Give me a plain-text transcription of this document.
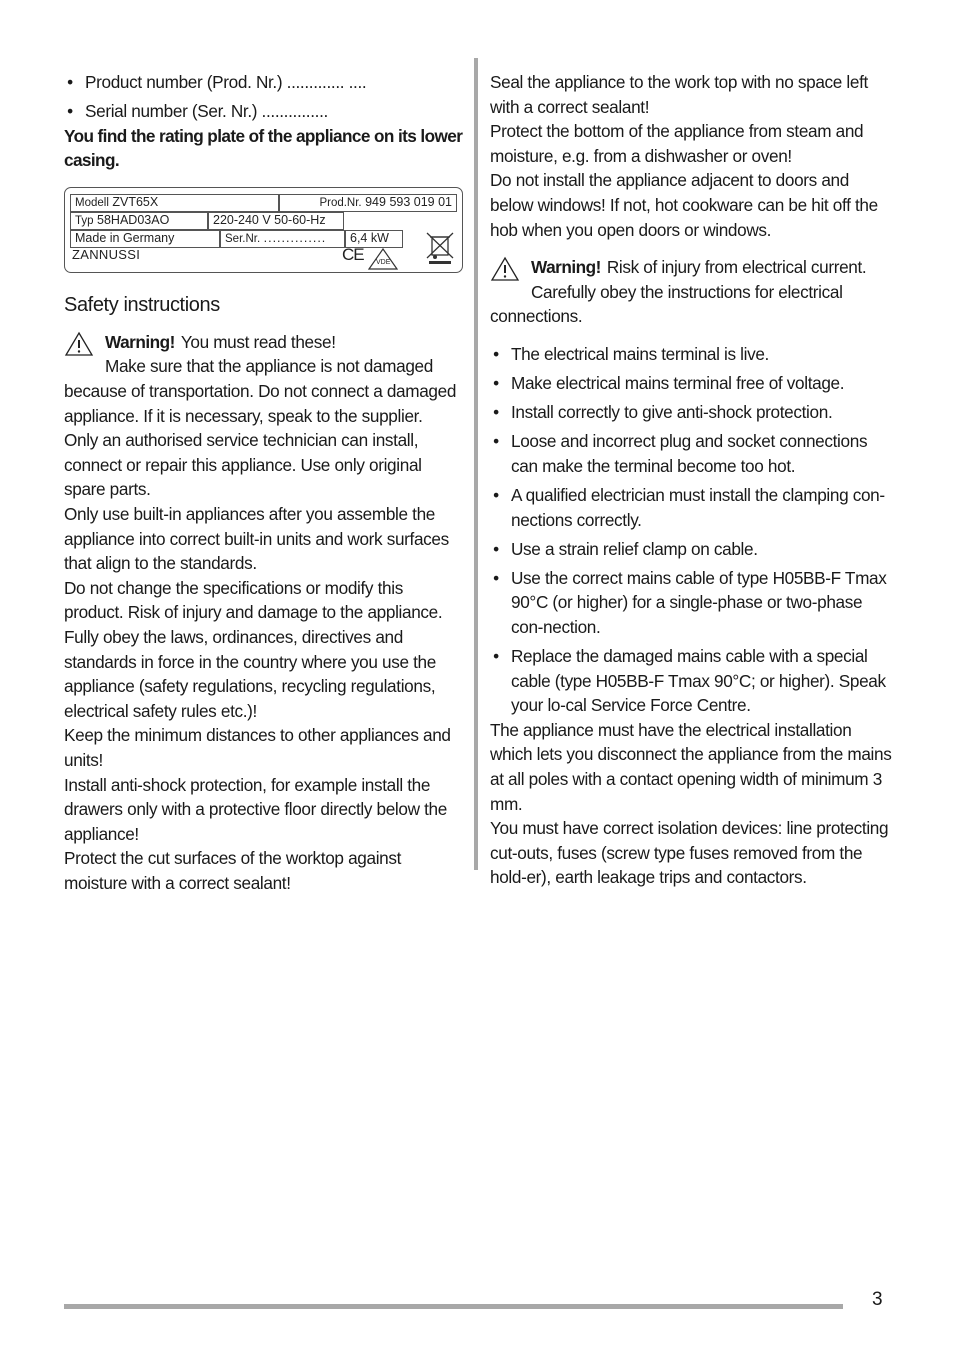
• Product number (Prod. Nr.) ............. ....
• Serial number (Ser. Nr.) ...............

You find the rating plate of the appliance on its lower casing.

Modell ZVT65X	Prod.Nr. 949 593 019 01
Typ 58HAD03AO	220-240 V 50-60-Hz
Made in Germany	Ser.Nr. ..............	6,4 kW
ZANNUSSI	CE VDE
Safety instructions
Warning! You must read these!

Make sure that the appliance is not damaged because of transportation. Do not connect a damaged appliance. If it is necessary, speak to the supplier.

Only an authorised service technician can install, connect or repair this appliance. Use only original spare parts.

Only use built-in appliances after you assemble the appliance into correct built-in units and work surfaces that align to the standards.

Do not change the specifications or modify this product. Risk of injury and damage to the appliance.

Fully obey the laws, ordinances, directives and standards in force in the country where you use the appliance (safety regulations, recycling regulations, electrical safety rules etc.)!

Keep the minimum distances to other appliances and units!

Install anti-shock protection, for example install the drawers only with a protective floor directly below the appliance!

Protect the cut surfaces of the worktop against moisture with a correct sealant!

Seal the appliance to the work top with no space left with a correct sealant!

Protect the bottom of the appliance from steam and moisture, e.g. from a dishwasher or oven!

Do not install the appliance adjacent to doors and below windows! If not, hot cookware can be hit off the hob when you open doors or windows.

Warning! Risk of injury from electrical current.

Carefully obey the instructions for electrical connections.

• The electrical mains terminal is live.
• Make electrical mains terminal free of voltage.
• Install correctly to give anti-shock protection.
• Loose and incorrect plug and socket connections can make the terminal become too hot.
• A qualified electrician must install the clamping con-nections correctly.
• Use a strain relief clamp on cable.
• Use the correct mains cable of type H05BB-F Tmax 90°C (or higher) for a single-phase or two-phase con-nection.
• Replace the damaged mains cable with a special cable (type H05BB-F Tmax 90°C; or higher). Speak your lo-cal Service Force Centre.

The appliance must have the electrical installation which lets you disconnect the appliance from the mains at all poles with a contact opening width of minimum 3 mm.

You must have correct isolation devices: line protecting cut-outs, fuses (screw type fuses removed from the hold-er), earth leakage trips and contactors.

3
